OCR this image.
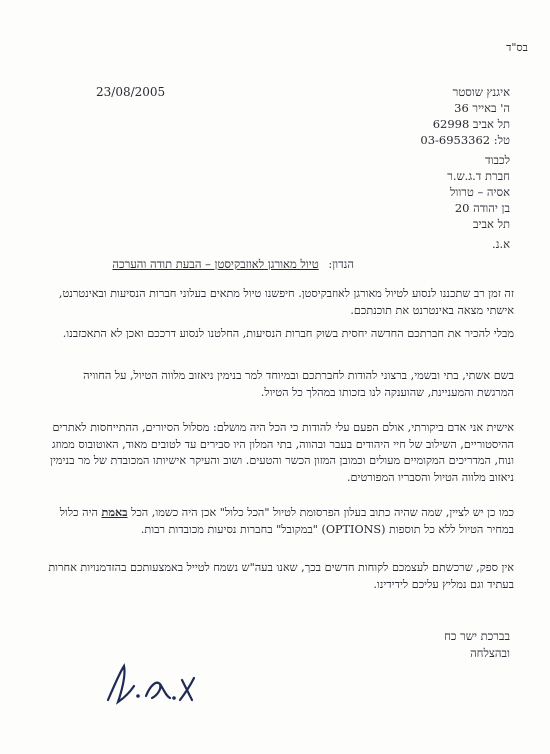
בס"ד
23/08/2005	איגנץ שוסטר
ה' באייר 36
תל אביב 62998
טל: 03-6953362
לכבוד
חברת ד.ג.ש.ר
אסיה – טרוול
בן יהודה 20
תל אביב
א.נ.
הנדון: טיול מאורגן לאוזבקיסטן – הבעת תודה והערכה
זה זמן רב שתכננו לנסוע לטיול מאורגן לאוזבקיסטן. חיפשנו טיול מתאים בעלוני חברות הנסיעות ובאינטרנט, אישתי מצאה באינטרנט את תוכנתכם.
מבלי להכיר את חברתכם החדשה יחסית בשוק חברות הנסיעות, החלטנו לנסוע דרככם ואכן לא התאכזבנו.
בשם אשתי, בתי ובשמי, ברצוני להודות לחברתכם ובמיוחד למר בנימין ניאזוב מלווה הטיול, על החוויה המרגשת והמעניינת, שהוענקה לנו בזכותו במהלך כל הטיול.
אישית אני אדם ביקורתי, אולם הפעם עלי להודות כי הכל היה מושלם: מסלול הסיורים, ההתייחסות לאתרים ההיסטוריים, השילוב של חיי היהודים בעבר ובהווה, בתי המלון היו סבירים עד לטובים מאוד, האוטובוס ממוזג ונוח, המדריכים המקומיים מעולים וכמובן המזון הכשר והטעים. ושוב והעיקר אישיותו המכובדת של מר בנימין ניאזוב מלווה הטיול והסבריו המפורטים.
כמו כן יש לציין, שמה שהיה כתוב בעלון הפרסומת לטיול "הכל כלול" אכן היה כשמו, הכל באמת היה כלול במחיר הטיול ללא כל תוספות (OPTIONS) "במקובל" בחברות נסיעות מכובדות רבות.
אין ספק, שרכשתם לעצמכם לקוחות חדשים בכך, שאנו בעה"ש נשמח לטייל באמצעותכם בהזדמנויות אחרות בעתיד וגם נמליץ עליכם לידידינו.
בברכת ישר כח
ובהצלחה
